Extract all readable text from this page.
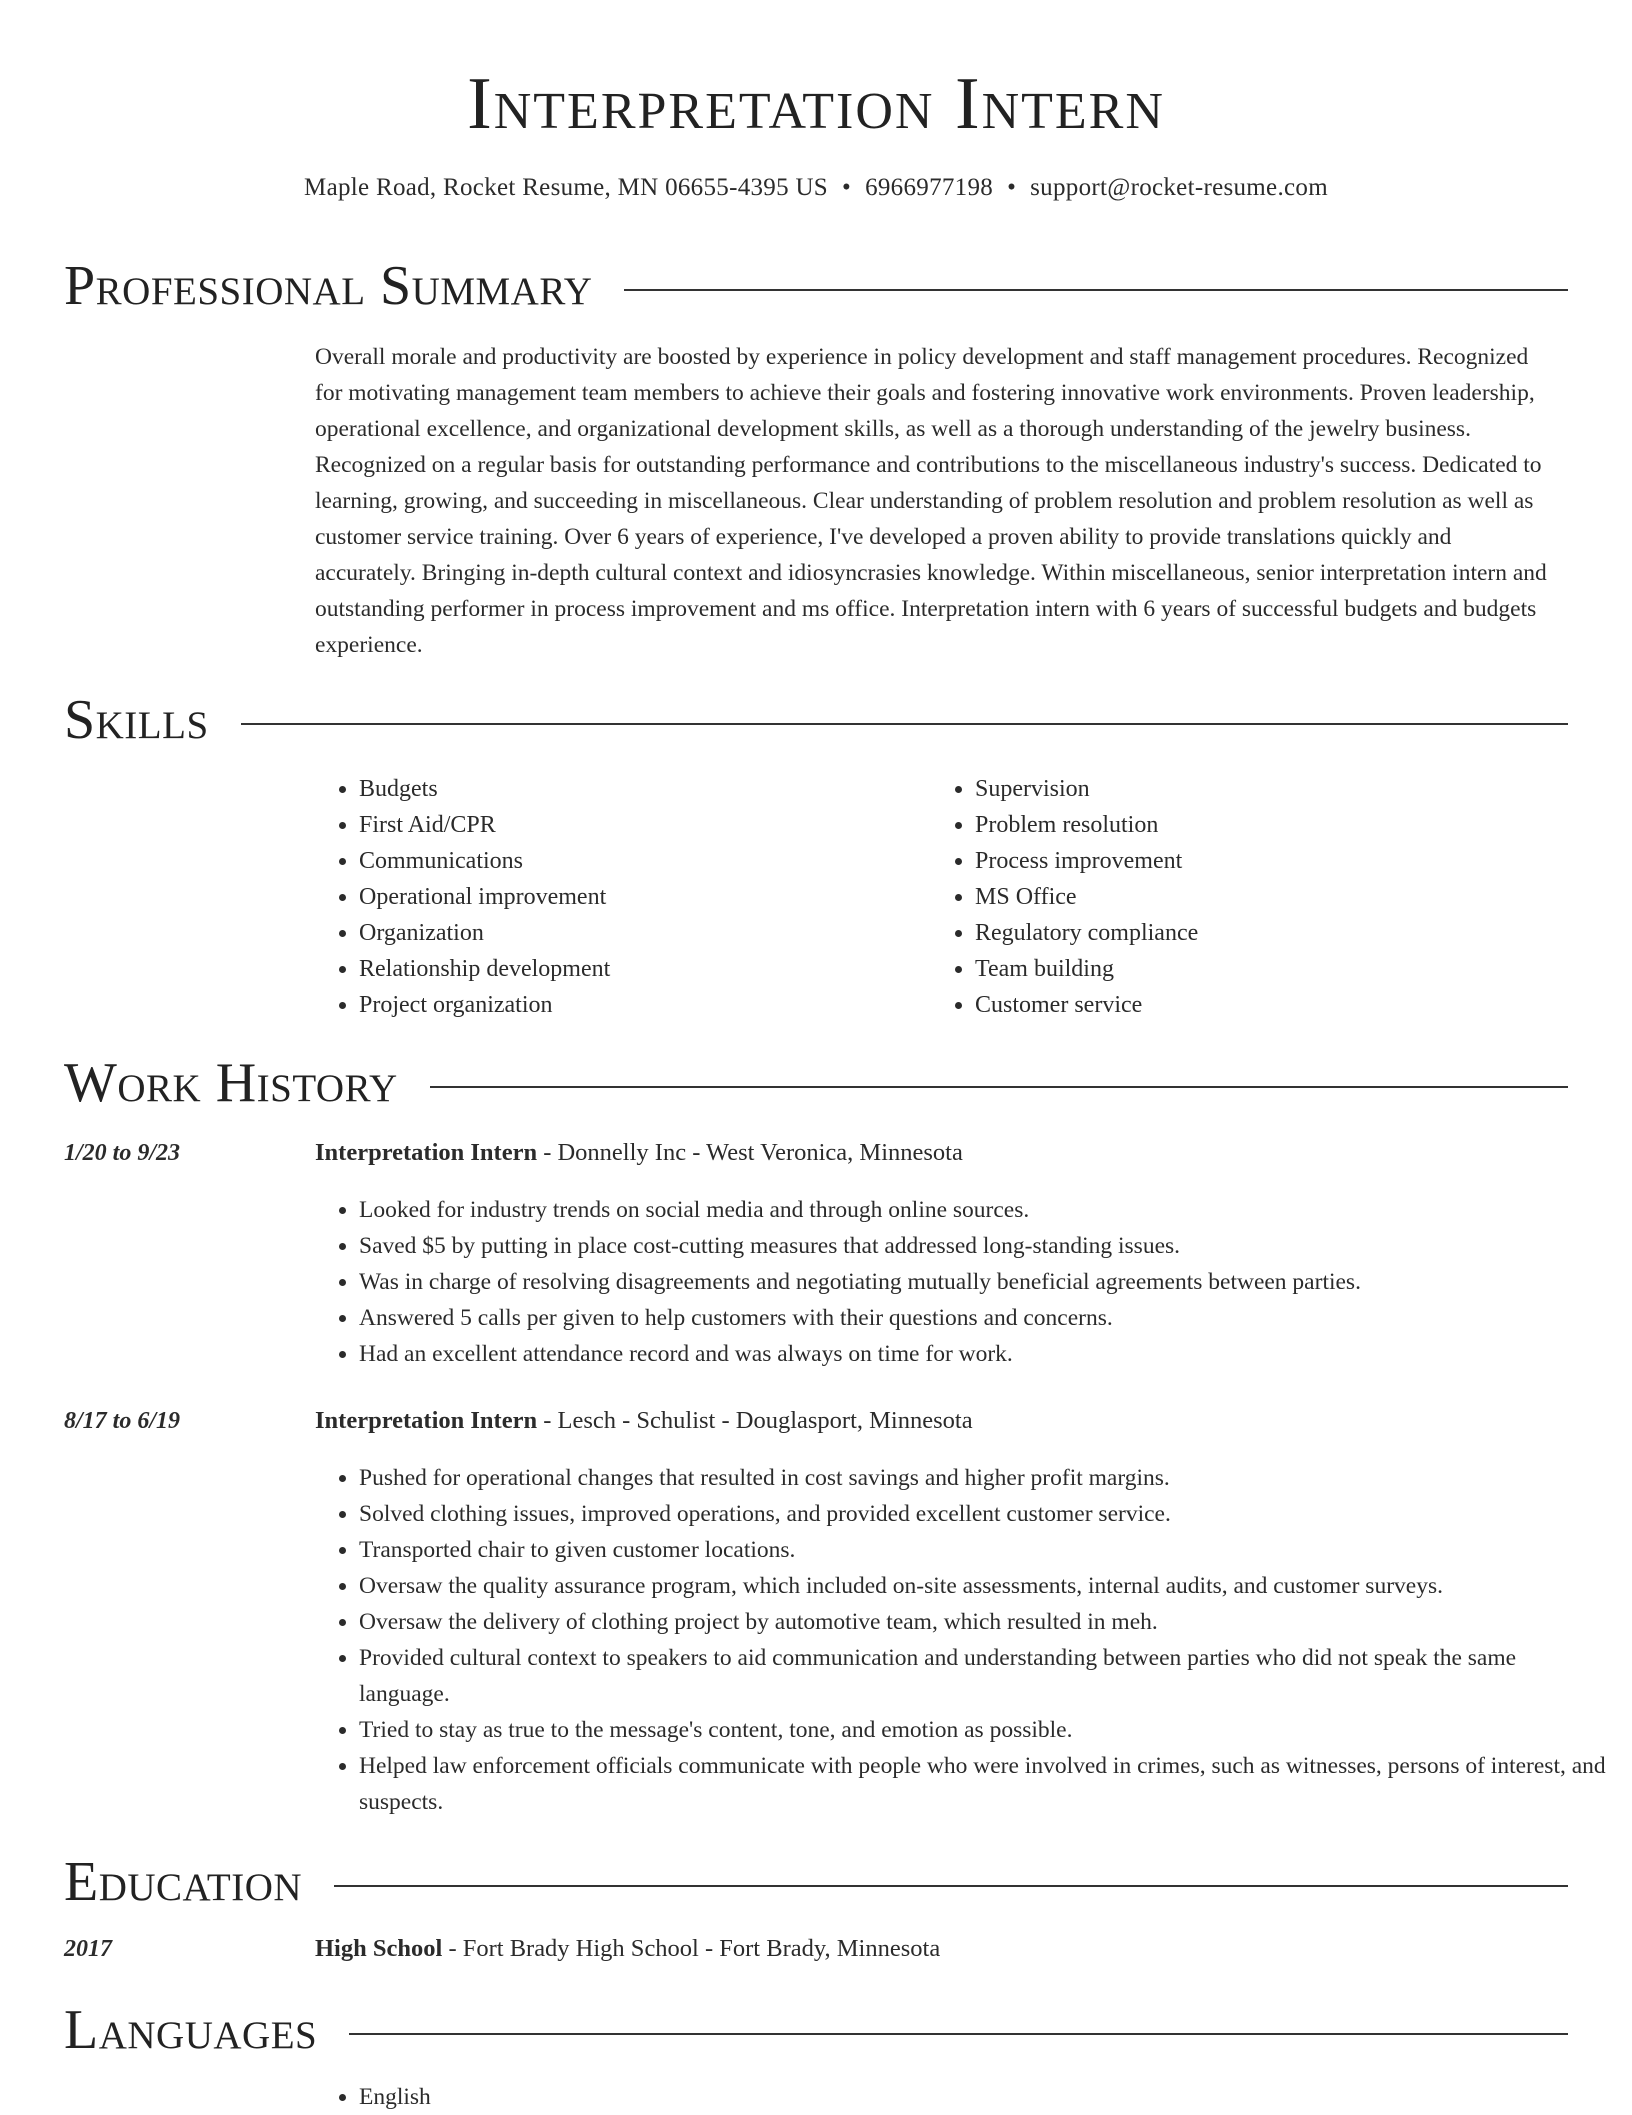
Interpretation Intern
Maple Road, Rocket Resume, MN 06655-4395 US • 6966977198 • support@rocket-resume.com
Professional Summary
Overall morale and productivity are boosted by experience in policy development and staff management procedures. Recognized for motivating management team members to achieve their goals and fostering innovative work environments. Proven leadership, operational excellence, and organizational development skills, as well as a thorough understanding of the jewelry business. Recognized on a regular basis for outstanding performance and contributions to the miscellaneous industry's success. Dedicated to learning, growing, and succeeding in miscellaneous. Clear understanding of problem resolution and problem resolution as well as customer service training. Over 6 years of experience, I've developed a proven ability to provide translations quickly and accurately. Bringing in-depth cultural context and idiosyncrasies knowledge. Within miscellaneous, senior interpretation intern and outstanding performer in process improvement and ms office. Interpretation intern with 6 years of successful budgets and budgets experience.
Skills
• Budgets
• First Aid/CPR
• Communications
• Operational improvement
• Organization
• Relationship development
• Project organization
• Supervision
• Problem resolution
• Process improvement
• MS Office
• Regulatory compliance
• Team building
• Customer service
Work History
1/20 to 9/23	Interpretation Intern - Donnelly Inc - West Veronica, Minnesota
• Looked for industry trends on social media and through online sources.
• Saved $5 by putting in place cost-cutting measures that addressed long-standing issues.
• Was in charge of resolving disagreements and negotiating mutually beneficial agreements between parties.
• Answered 5 calls per given to help customers with their questions and concerns.
• Had an excellent attendance record and was always on time for work.
8/17 to 6/19	Interpretation Intern - Lesch - Schulist - Douglasport, Minnesota
• Pushed for operational changes that resulted in cost savings and higher profit margins.
• Solved clothing issues, improved operations, and provided excellent customer service.
• Transported chair to given customer locations.
• Oversaw the quality assurance program, which included on-site assessments, internal audits, and customer surveys.
• Oversaw the delivery of clothing project by automotive team, which resulted in meh.
• Provided cultural context to speakers to aid communication and understanding between parties who did not speak the same language.
• Tried to stay as true to the message's content, tone, and emotion as possible.
• Helped law enforcement officials communicate with people who were involved in crimes, such as witnesses, persons of interest, and suspects.
Education
2017	High School - Fort Brady High School - Fort Brady, Minnesota
Languages
• English
